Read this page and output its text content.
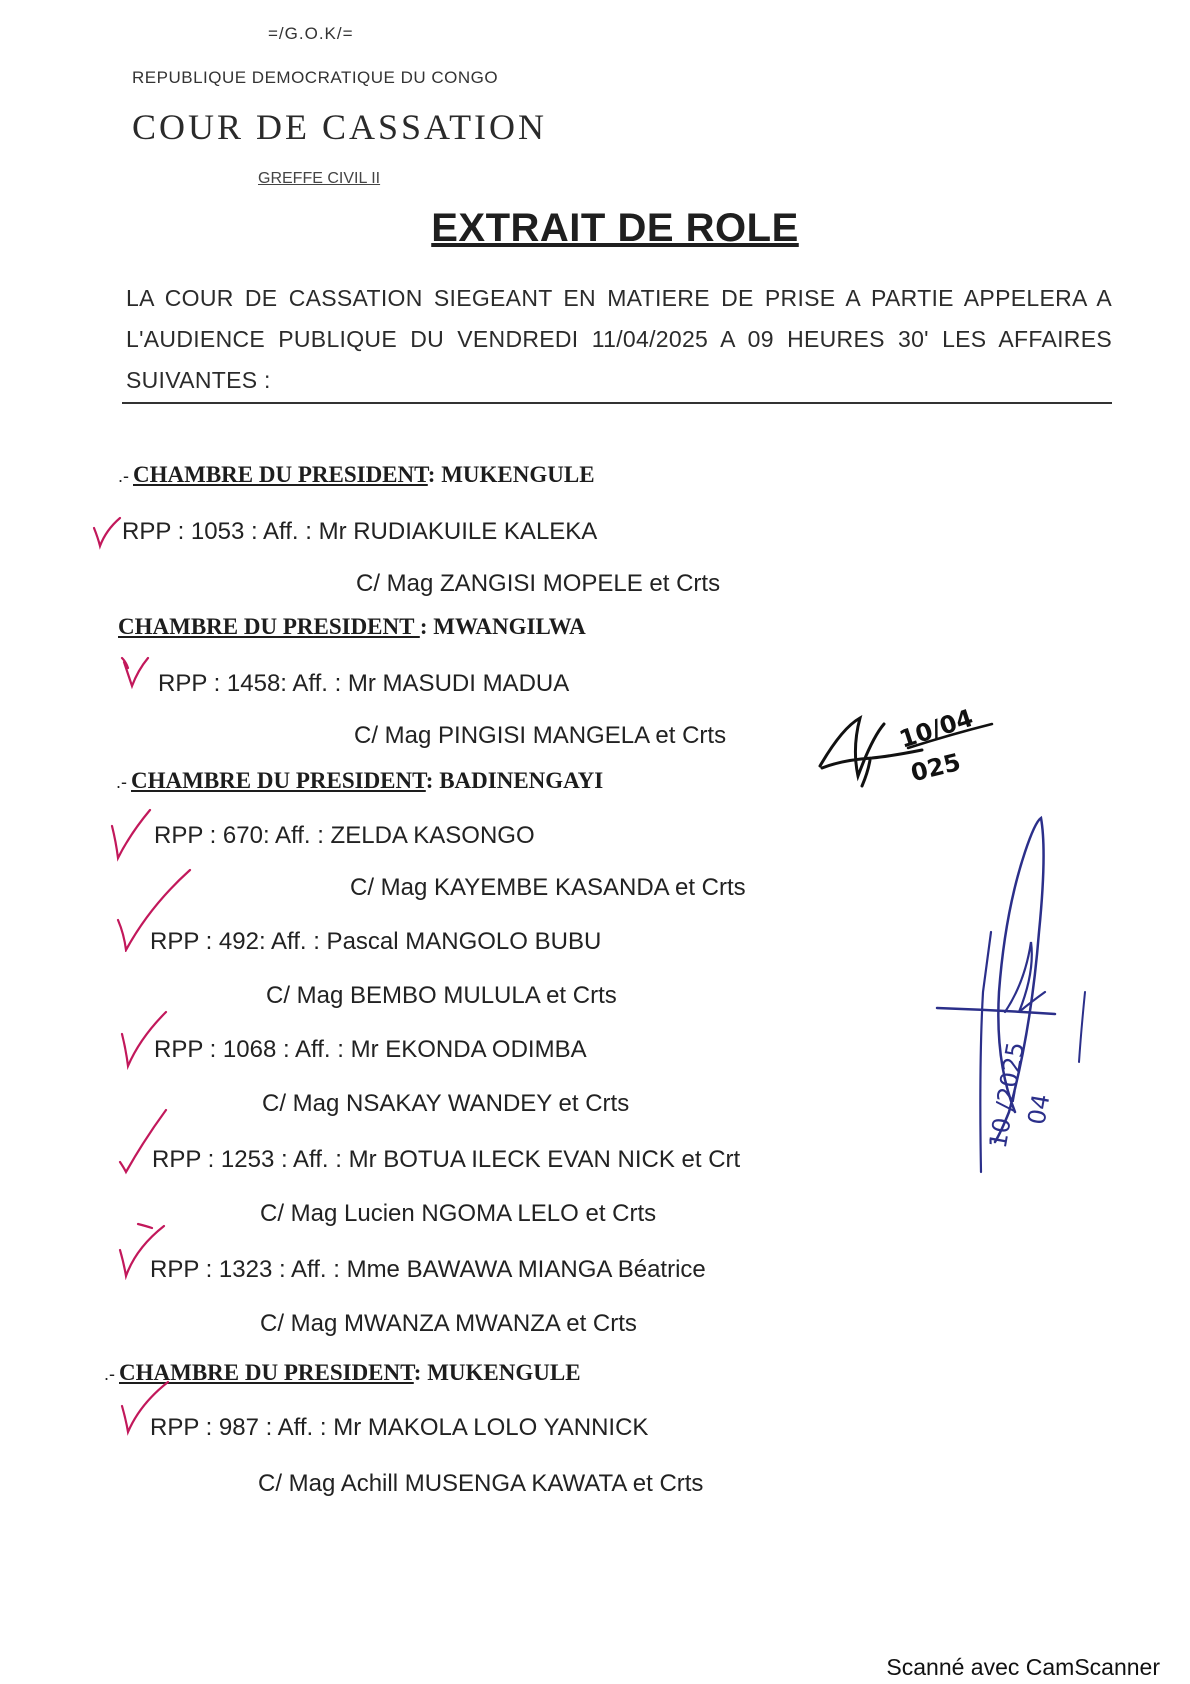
=/G.O.K/=
REPUBLIQUE DEMOCRATIQUE DU CONGO
COUR DE CASSATION
GREFFE CIVIL II
EXTRAIT DE ROLE

LA COUR DE CASSATION SIEGEANT EN MATIERE DE PRISE A PARTIE APPELERA A L'AUDIENCE PUBLIQUE DU VENDREDI 11/04/2025 A 09 HEURES 30' LES AFFAIRES SUIVANTES :

.- CHAMBRE DU PRESIDENT: MUKENGULE
RPP : 1053 : Aff. : Mr RUDIAKUILE KALEKA
C/ Mag ZANGISI MOPELE et Crts
CHAMBRE DU PRESIDENT : MWANGILWA
RPP : 1458: Aff. : Mr MASUDI MADUA
C/ Mag PINGISI MANGELA et Crts
.- CHAMBRE DU PRESIDENT: BADINENGAYI
RPP : 670: Aff. : ZELDA KASONGO
C/ Mag KAYEMBE KASANDA et Crts
RPP : 492: Aff. : Pascal MANGOLO BUBU
C/ Mag BEMBO MULULA et Crts
RPP : 1068 : Aff. : Mr EKONDA ODIMBA
C/ Mag NSAKAY WANDEY et Crts
RPP : 1253 : Aff. : Mr BOTUA ILECK EVAN NICK et Crt
C/ Mag Lucien NGOMA LELO et Crts
RPP : 1323 : Aff. : Mme BAWAWA MIANGA Béatrice
C/ Mag MWANZA MWANZA et Crts
.- CHAMBRE DU PRESIDENT: MUKENGULE
RPP : 987 : Aff. : Mr MAKOLA LOLO YANNICK
C/ Mag Achill MUSENGA KAWATA et Crts
10/04
025
10 /2025
04
Scanné avec CamScanner
